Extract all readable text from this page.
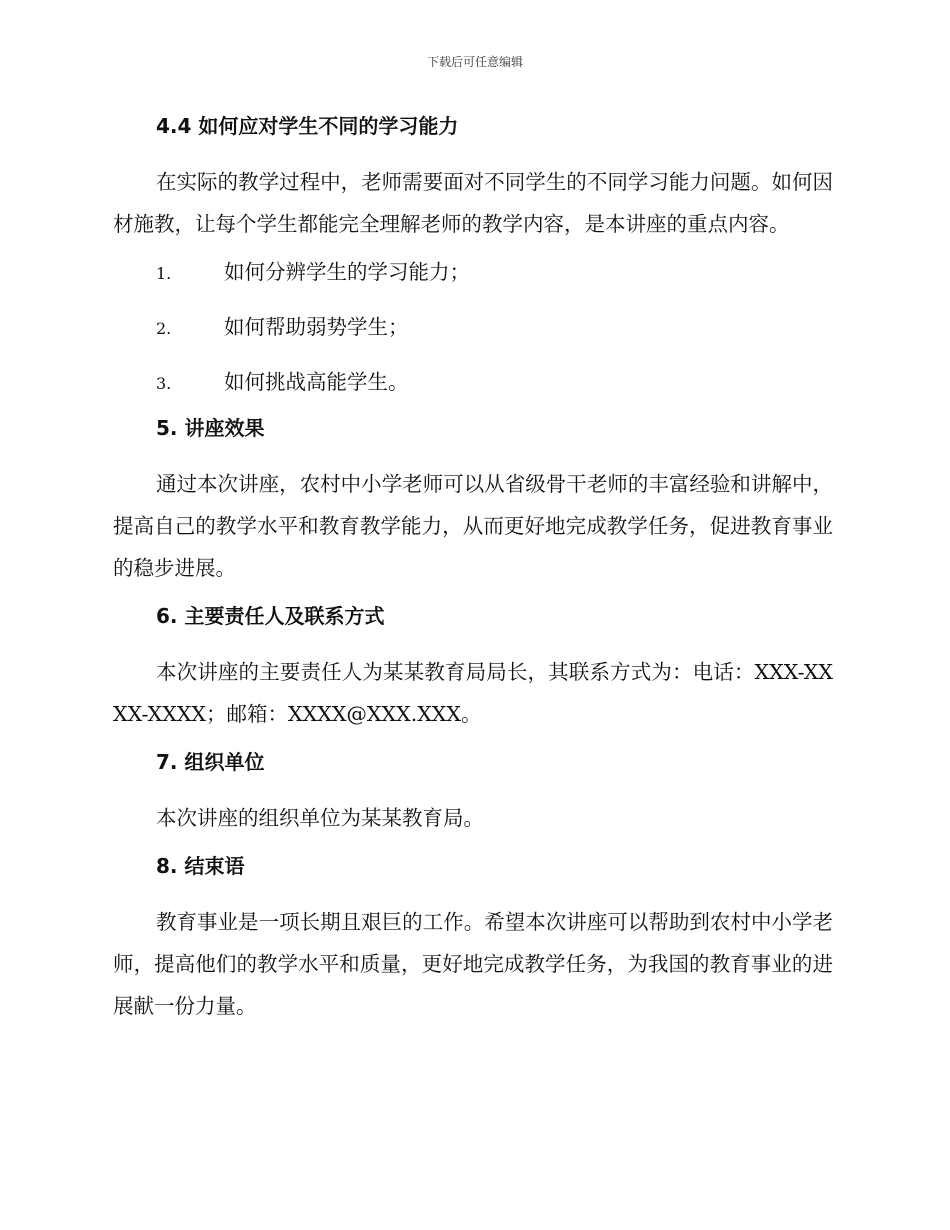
下载后可任意编辑
4.4 如何应对学生不同的学习能力

在实际的教学过程中，老师需要面对不同学生的不同学习能力问题。如何因材施教，让每个学生都能完全理解老师的教学内容，是本讲座的重点内容。

1.	如何分辨学生的学习能力；
2.	如何帮助弱势学生；
3.	如何挑战高能学生。
5. 讲座效果

通过本次讲座，农村中小学老师可以从省级骨干老师的丰富经验和讲解中，提高自己的教学水平和教育教学能力，从而更好地完成教学任务，促进教育事业的稳步进展。

6. 主要责任人及联系方式

本次讲座的主要责任人为某某教育局局长，其联系方式为：电话：XXX-XXXX-XXXX；邮箱：XXXX@XXX.XXX。

7. 组织单位

本次讲座的组织单位为某某教育局。

8. 结束语

教育事业是一项长期且艰巨的工作。希望本次讲座可以帮助到农村中小学老师，提高他们的教学水平和质量，更好地完成教学任务，为我国的教育事业的进展献一份力量。
